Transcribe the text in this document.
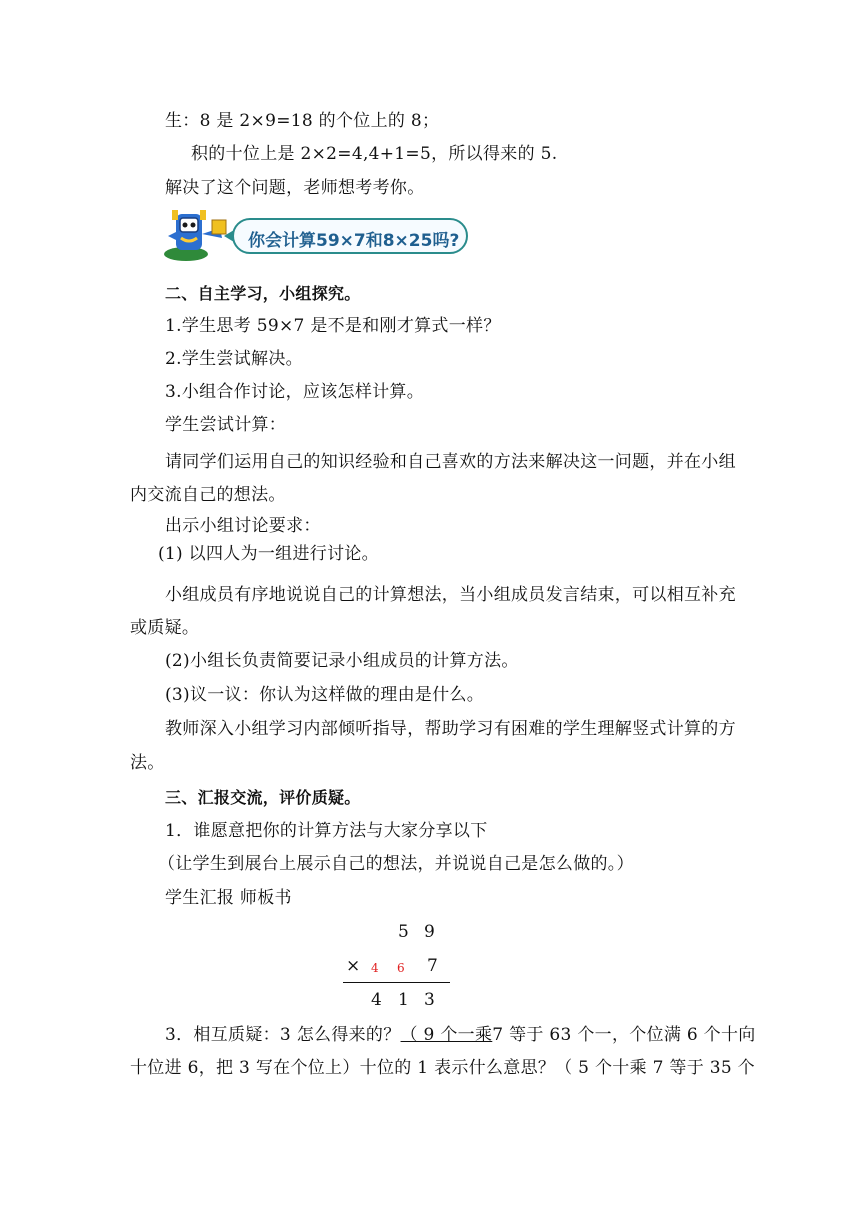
生：8 是 2×9=18 的个位上的 8；
积的十位上是 2×2=4,4+1=5，所以得来的 5.
解决了这个问题，老师想考考你。
你会计算59×7和8×25吗?
二、自主学习，小组探究。
1.学生思考 59×7 是不是和刚才算式一样？
2.学生尝试解决。
3.小组合作讨论，应该怎样计算。
学生尝试计算：
请同学们运用自己的知识经验和自己喜欢的方法来解决这一问题，并在小组
内交流自己的想法。
出示小组讨论要求：
(1) 以四人为一组进行讨论。
小组成员有序地说说自己的计算想法，当小组成员发言结束，可以相互补充
或质疑。
(2)小组长负责简要记录小组成员的计算方法。
(3)议一议：你认为这样做的理由是什么。
教师深入小组学习内部倾听指导，帮助学习有困难的学生理解竖式计算的方
法。
三、汇报交流，评价质疑。
1．谁愿意把你的计算方法与大家分享以下
（让学生到展台上展示自己的想法，并说说自己是怎么做的。）
学生汇报 师板书
5 9
× 4 6 7
4 1 3
3．相互质疑：3 怎么得来的？（ 9 个一乘7 等于 63 个一，个位满 6 个十向
十位进 6，把 3 写在个位上）十位的 1 表示什么意思？（ 5 个十乘 7 等于 35 个
